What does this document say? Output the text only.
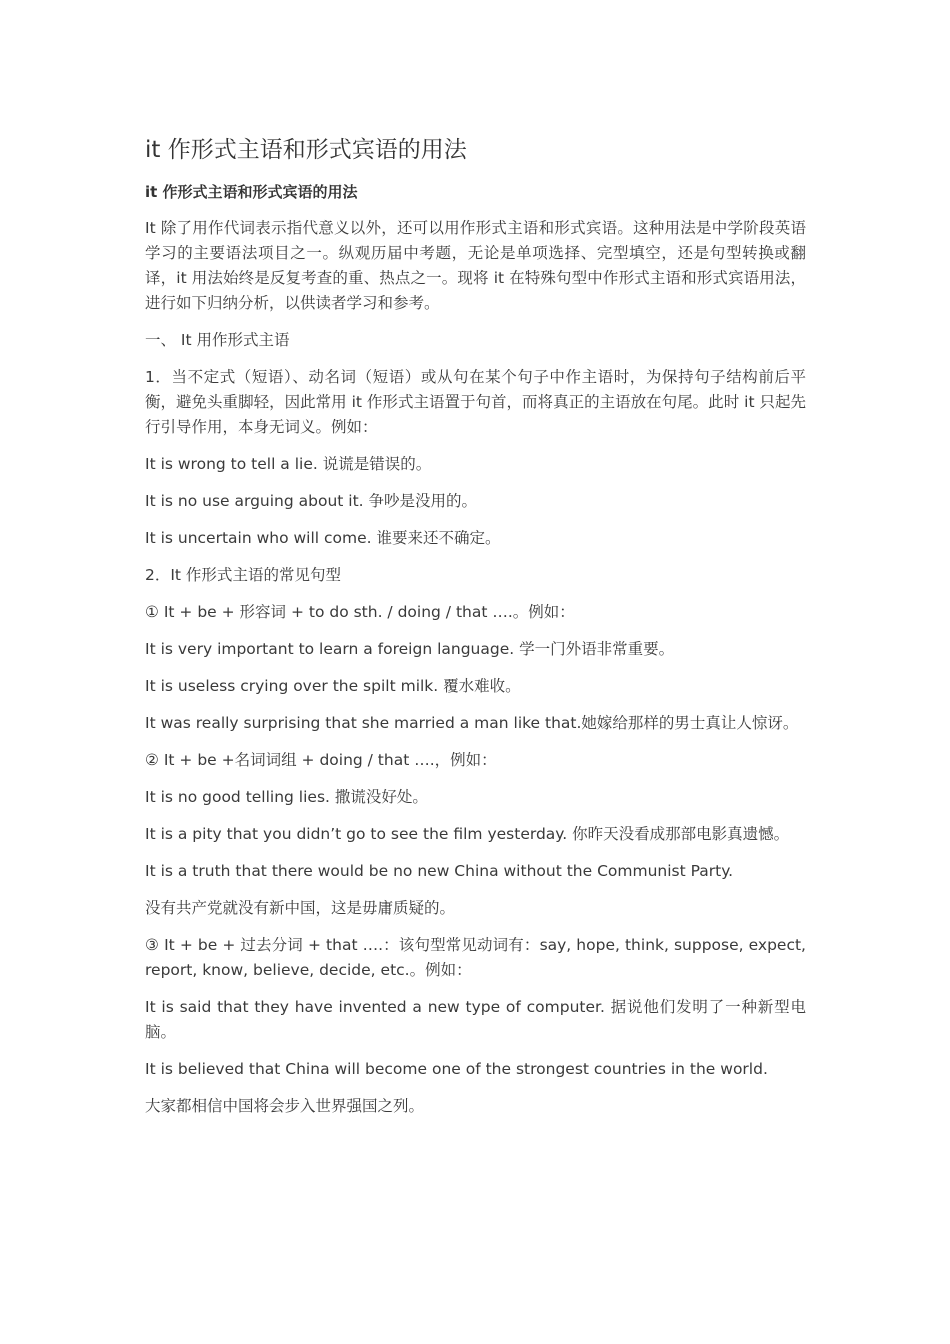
it 作形式主语和形式宾语的用法
it 作形式主语和形式宾语的用法

It 除了用作代词表示指代意义以外，还可以用作形式主语和形式宾语。这种用法是中学阶段英语学习的主要语法项目之一。纵观历届中考题，无论是单项选择、完型填空，还是句型转换或翻译，it 用法始终是反复考查的重、热点之一。现将 it 在特殊句型中作形式主语和形式宾语用法，进行如下归纳分析，以供读者学习和参考。

一、 It 用作形式主语

1．当不定式（短语）、动名词（短语）或从句在某个句子中作主语时，为保持句子结构前后平衡，避免头重脚轻，因此常用 it 作形式主语置于句首，而将真正的主语放在句尾。此时 it 只起先行引导作用，本身无词义。例如：

It is wrong to tell a lie. 说谎是错误的。

It is no use arguing about it. 争吵是没用的。

It is uncertain who will come. 谁要来还不确定。

2．It 作形式主语的常见句型

① It + be + 形容词 + to do sth. / doing / that ….。例如：

It is very important to learn a foreign language. 学一门外语非常重要。

It is useless crying over the spilt milk. 覆水难收。

It was really surprising that she married a man like that.她嫁给那样的男士真让人惊讶。

② It + be +名词词组 + doing / that ….，例如：

It is no good telling lies. 撒谎没好处。

It is a pity that you didn’t go to see the film yesterday. 你昨天没看成那部电影真遗憾。

It is a truth that there would be no new China without the Communist Party.

没有共产党就没有新中国，这是毋庸质疑的。

③ It + be + 过去分词 + that ….：该句型常见动词有：say, hope, think, suppose, expect, report, know, believe, decide, etc.。例如：

It is said that they have invented a new type of computer. 据说他们发明了一种新型电脑。

It is believed that China will become one of the strongest countries in the world.

大家都相信中国将会步入世界强国之列。
